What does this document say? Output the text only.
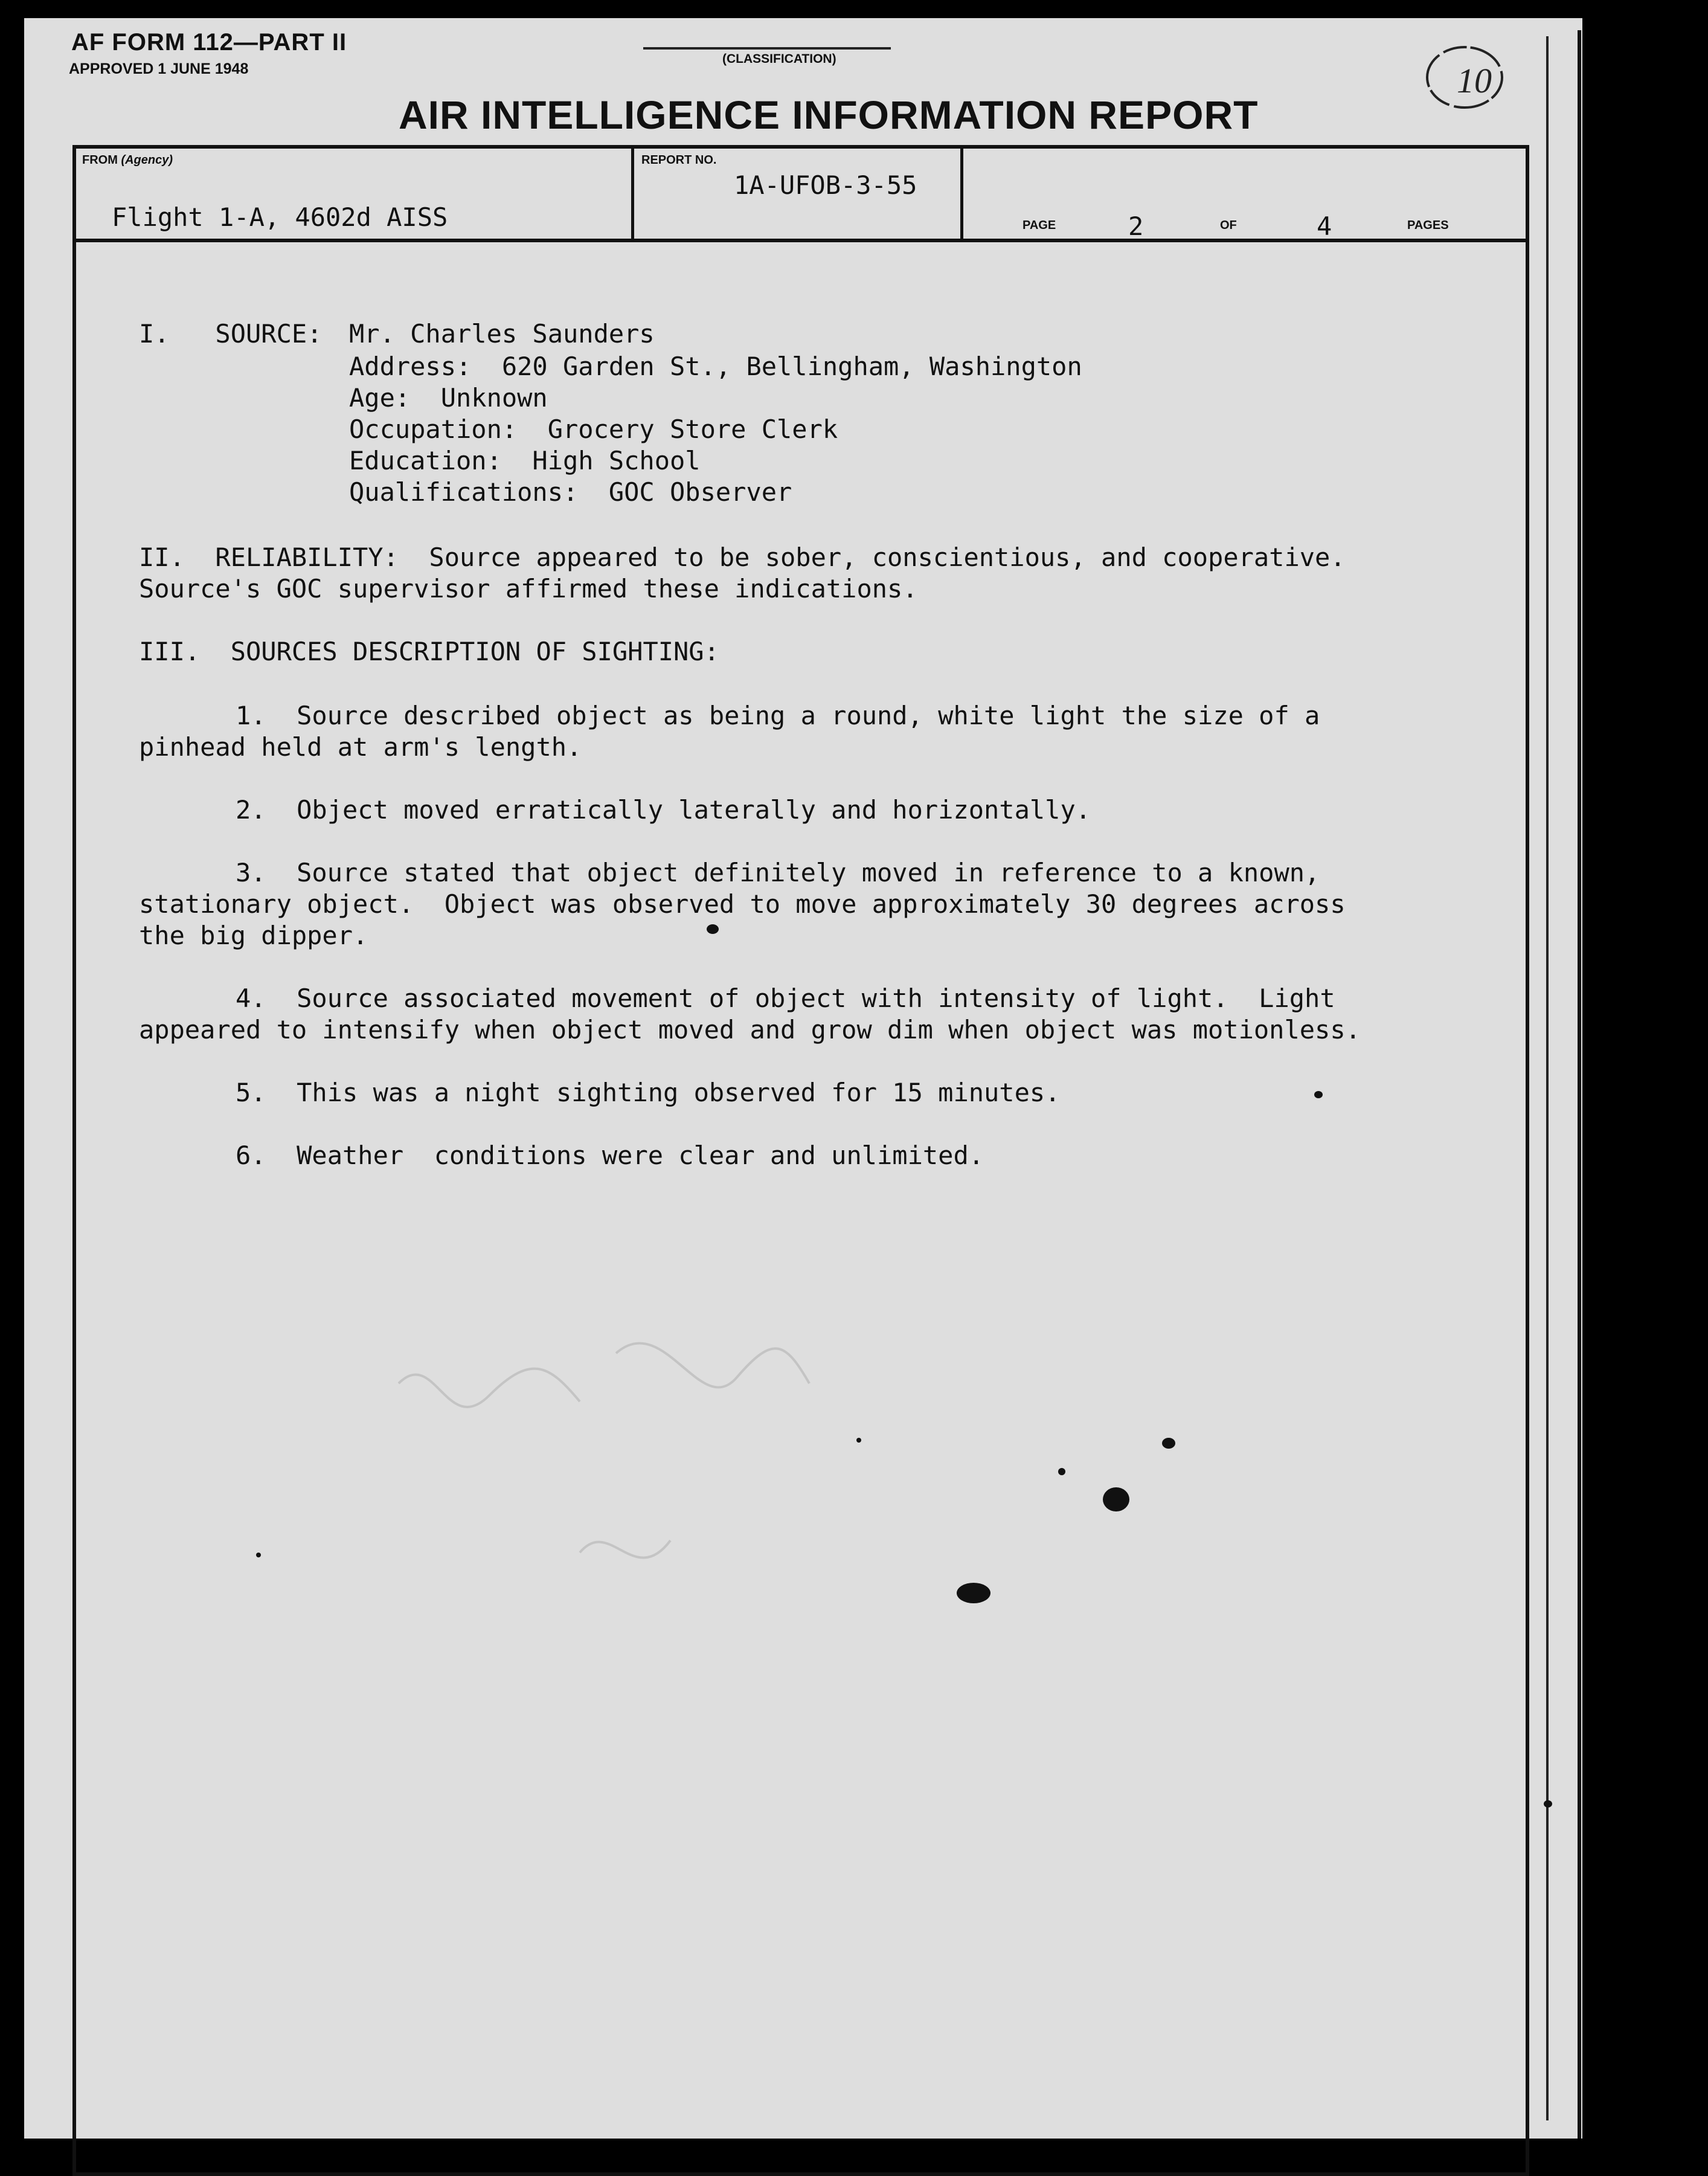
AF FORM 112—PART II
APPROVED 1 JUNE 1948
(CLASSIFICATION)
AIR INTELLIGENCE INFORMATION REPORT
10
FROM (Agency)
Flight 1-A, 4602d AISS
REPORT NO.
1A-UFOB-3-55
PAGE	2	OF	4	PAGES
I.   SOURCE: Mr. Charles Saunders
Address:  620 Garden St., Bellingham, Washington
Age:  Unknown
Occupation:  Grocery Store Clerk
Education:  High School
Qualifications:  GOC Observer
II.  RELIABILITY:  Source appeared to be sober, conscientious, and cooperative.
Source's GOC supervisor affirmed these indications.
III.  SOURCES DESCRIPTION OF SIGHTING:
1.  Source described object as being a round, white light the size of a
pinhead held at arm's length.
2.  Object moved erratically laterally and horizontally.
3.  Source stated that object definitely moved in reference to a known,
stationary object.  Object was observed to move approximately 30 degrees across
the big dipper.
4.  Source associated movement of object with intensity of light.  Light
appeared to intensify when object moved and grow dim when object was motionless.
5.  This was a night sighting observed for 15 minutes.
6.  Weather  conditions were clear and unlimited.
